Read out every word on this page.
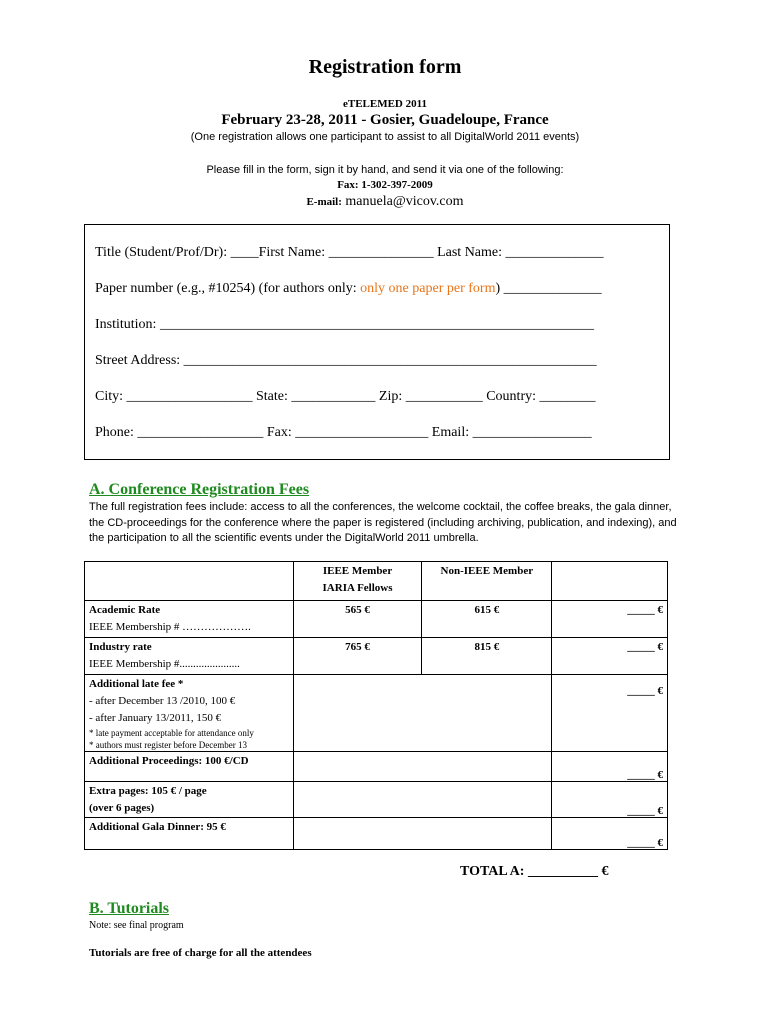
Registration form
eTELEMED 2011
February 23-28, 2011 - Gosier, Guadeloupe, France
(One registration allows one participant to assist to all DigitalWorld 2011 events)
Please fill in the form, sign it by hand, and send it via one of the following:
Fax: 1-302-397-2009
E-mail: manuela@vicov.com
Title (Student/Prof/Dr): ____First Name: _______________ Last Name: ______________
Paper number (e.g., #10254) (for authors only: only one paper per form) ______________
Institution: ______________________________________________________________
Street Address: ___________________________________________________________
City: __________________ State: ____________ Zip: ___________ Country: ________
Phone: __________________ Fax: ___________________ Email: _________________
A. Conference Registration Fees
The full registration fees include: access to all the conferences, the welcome cocktail, the coffee breaks, the gala dinner, the CD-proceedings for the conference where the paper is registered (including archiving, publication, and indexing), and the participation to all the scientific events under the DigitalWorld 2011 umbrella.

	IEEE Member
IARIA Fellows	Non-IEEE Member	

Academic Rate
IEEE Membership # ……………….	565 €	615 €	_____ €

Industry rate
IEEE Membership #......................	765 €	815 €	_____ €

Additional late fee *
- after December 13 /2010, 100 €
- after January 13/2011, 150 €
* late payment acceptable for attendance only
* authors must register before December 13			_____ €
Additional Proceedings: 100 €/CD			_____ €

Extra pages: 105 € / page
(over 6 pages)			_____ €
Additional Gala Dinner: 95 €			_____ €
TOTAL A: __________ €
B. Tutorials
Note: see final program
Tutorials are free of charge for all the attendees
